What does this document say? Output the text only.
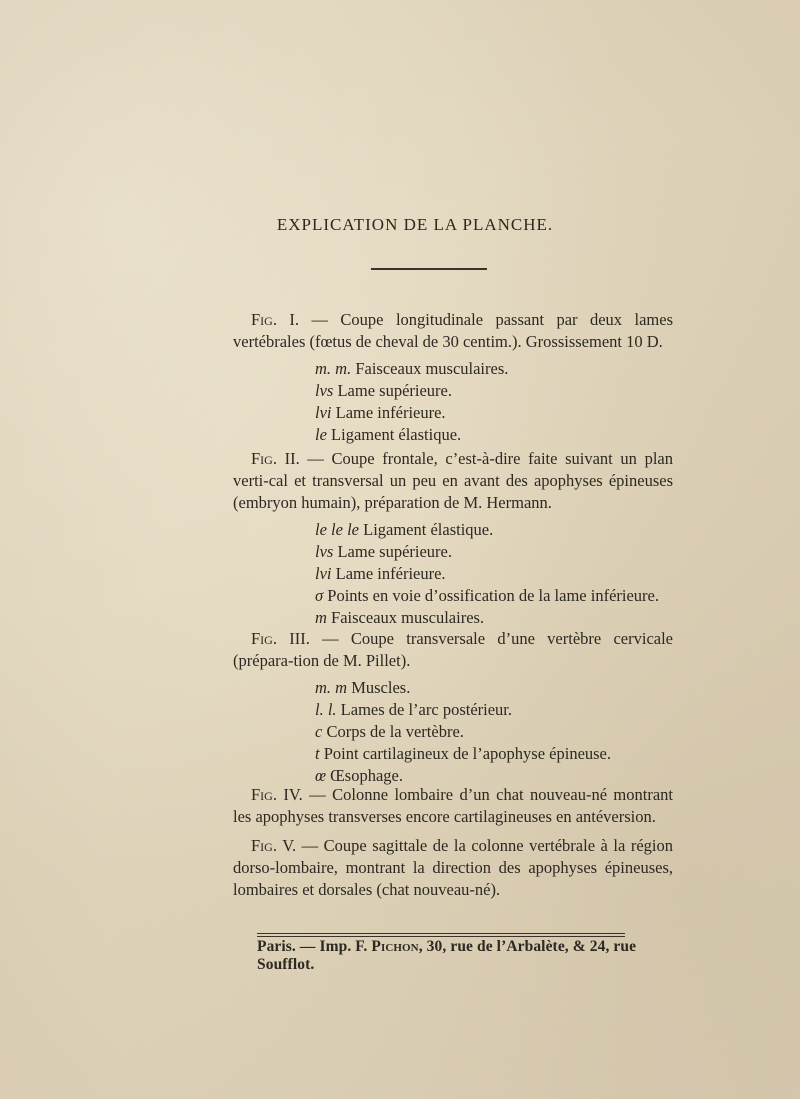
EXPLICATION DE LA PLANCHE.

Fig. I. — Coupe longitudinale passant par deux lames vertébrales (fœtus de cheval de 30 centim.). Grossissement 10 D.

m. m. Faisceaux musculaires.
lvs Lame supérieure.
lvi Lame inférieure.
le Ligament élastique.

Fig. II. — Coupe frontale, c’est-à-dire faite suivant un plan verti-cal et transversal un peu en avant des apophyses épineuses (embryon humain), préparation de M. Hermann.

le le le Ligament élastique.
lvs Lame supérieure.
lvi Lame inférieure.
σ Points en voie d’ossification de la lame inférieure.
m Faisceaux musculaires.

Fig. III. — Coupe transversale d’une vertèbre cervicale (prépara-tion de M. Pillet).

m. m Muscles.
l. l. Lames de l’arc postérieur.
c Corps de la vertèbre.
t Point cartilagineux de l’apophyse épineuse.
œ Œsophage.

Fig. IV. — Colonne lombaire d’un chat nouveau-né montrant les apophyses transverses encore cartilagineuses en antéversion.

Fig. V. — Coupe sagittale de la colonne vertébrale à la région dorso-lombaire, montrant la direction des apophyses épineuses, lombaires et dorsales (chat nouveau-né).

Paris. — Imp. F. Pichon, 30, rue de l’Arbalète, & 24, rue Soufflot.
